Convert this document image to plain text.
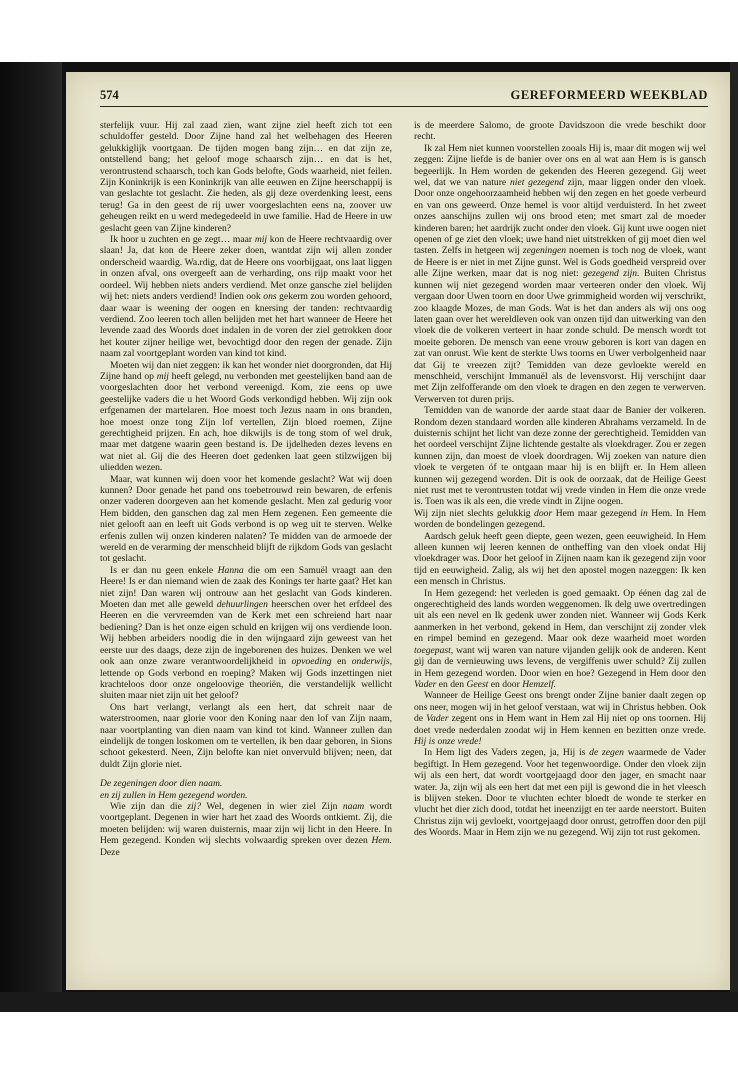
574	GEREFORMEERD WEEKBLAD

sterfelijk vuur. Hij zal zaad zien, want zijne ziel heeft zich tot een schuldoffer gesteld. Door Zijne hand zal het welbehagen des Heeren gelukkiglijk voortgaan. De tijden mogen bang zijn… en dat zijn ze, ontstellend bang; het geloof moge schaarsch zijn… en dat is het, verontrustend schaarsch, toch kan Gods belofte, Gods waarheid, niet feilen. Zijn Koninkrijk is een Koninkrijk van alle eeuwen en Zijne heerschappij is van geslachte tot geslacht. Zie heden, als gij deze overdenking leest, eens terug! Ga in den geest de rij uwer voorgeslachten eens na, zoover uw geheugen reikt en u werd medegedeeld in uwe familie. Had de Heere in uw geslacht geen van Zijne kinderen?

Ik hoor u zuchten en ge zegt… maar mij kon de Heere rechtvaardig over slaan! Ja, dat kon de Heere zeker doen, wantdat zijn wij allen zonder onderscheid waardig. Wa.rdig, dat de Heere ons voorbijgaat, ons laat liggen in onzen afval, ons overgeeft aan de verharding, ons rijp maakt voor het oordeel. Wij hebben niets anders verdiend. Met onze gansche ziel belijden wij het: niets anders verdiend! Indien ook ons gekerm zou worden gehoord, daar waar is weening der oogen en knersing der tanden: rechtvaardig verdiend. Zoo leeren toch allen belijden met het hart wanneer de Heere het levende zaad des Woords doet indalen in de voren der ziel getrokken door het kouter zijner heilige wet, bevochtigd door den regen der genade. Zijn naam zal voortgeplant worden van kind tot kind.

Moeten wij dan niet zeggen: ik kan het wonder niet doorgronden, dat Hij Zijne hand op mij heeft gelegd, nu verbonden met geestelijken band aan de voorgeslachten door het verbond vereenigd. Kom, zie eens op uwe geestelijke vaders die u het Woord Gods verkondigd hebben. Wij zijn ook erfgenamen der martelaren. Hoe moest toch Jezus naam in ons branden, hoe moest onze tong Zijn lof vertellen, Zijn bloed roemen, Zijne gerechtigheid prijzen. En ach, hoe dikwijls is de tong stom of wel druk, maar met datgene waarin geen bestand is. De ijdelheden dezes levens en wat niet al. Gij die des Heeren doet gedenken laat geen stilzwijgen bij uliedden wezen.

Maar, wat kunnen wij doen voor het komende geslacht? Wat wij doen kunnen? Door genade het pand ons toebetrouwd rein bewaren, de erfenis onzer vaderen doorgeven aan het komende geslacht. Men zal gedurig voor Hem bidden, den ganschen dag zal men Hem zegenen. Een gemeente die niet gelooft aan en leeft uit Gods verbond is op weg uit te sterven. Welke erfenis zullen wij onzen kinderen nalaten? Te midden van de armoede der wereld en de verarming der menschheid blijft de rijkdom Gods van geslacht tot geslacht.

Is er dan nu geen enkele Hanna die om een Samuël vraagt aan den Heere! Is er dan niemand wien de zaak des Konings ter harte gaat? Het kan niet zijn! Dan waren wij ontrouw aan het geslacht van Gods kinderen. Moeten dan met alle geweld dehuurlingen heerschen over het erfdeel des Heeren en die vervreemden van de Kerk met een schreiend hart naar bediening? Dan is het onze eigen schuld en krijgen wij ons verdiende loon. Wij hebben arbeiders noodig die in den wijngaard zijn geweest van het eerste uur des daags, deze zijn de ingeborenen des huizes. Denken we wel ook aan onze zware verantwoordelijkheid in opvoeding en onderwijs, lettende op Gods verbond en roeping? Maken wij Gods inzettingen niet krachteloos door onze ongeloovige theoriën, die verstandelijk wellicht sluiten maar niet zijn uit het geloof?

Ons hart verlangt, verlangt als een hert, dat schreit naar de waterstroomen, naar glorie voor den Koning naar den lof van Zijn naam, naar voortplanting van dien naam van kind tot kind. Wanneer zullen dan eindelijk de tongen loskomen om te vertellen, ik ben daar geboren, in Sions schoot gekesterd. Neen, Zijn belofte kan niet onvervuld blijven; neen, dat duldt Zijn glorie niet.

De zegeningen door dien naam.

en zij zullen in Hem gezegend worden.

Wie zijn dan die zij? Wel, degenen in wier ziel Zijn naam wordt voortgeplant. Degenen in wier hart het zaad des Woords ontkiemt. Zij, die moeten belijden: wij waren duisternis, maar zijn wij licht in den Heere. In Hem gezegend. Konden wij slechts volwaardig spreken over dezen Hem. Deze

is de meerdere Salomo, de groote Davidszoon die vrede beschikt door recht.

Ik zal Hem niet kunnen voorstellen zooals Hij is, maar dit mogen wij wel zeggen: Zijne liefde is de banier over ons en al wat aan Hem is is gansch begeerlijk. In Hem worden de gekenden des Heeren gezegend. Gij weet wel, dat we van nature niet gezegend zijn, maar liggen onder den vloek. Door onze ongehoorzaamheid hebben wij den zegen en het goede verbeurd en van ons geweerd. Onze hemel is voor altijd verduisterd. In het zweet onzes aanschijns zullen wij ons brood eten; met smart zal de moeder kinderen baren; het aardrijk zucht onder den vloek. Gij kunt uwe oogen niet openen of ge ziet den vloek; uwe hand niet uitstrekken of gij moet dien wel tasten. Zelfs in hetgeen wij zegeningen noemen is toch nog de vloek, want de Heere is er niet in met Zijne gunst. Wel is Gods goedheid verspreid over alle Zijne werken, maar dat is nog niet: gezegend zijn. Buiten Christus kunnen wij niet gezegend worden maar verteeren onder den vloek. Wij vergaan door Uwen toorn en door Uwe grimmigheid worden wij verschrikt, zoo klaagde Mozes, de man Gods. Wat is het dan anders als wij ons oog laten gaan over het wereldleven ook van onzen tijd dan uitwerking van den vloek die de volkeren verteert in haar zonde schuld. De mensch wordt tot moeite geboren. De mensch van eene vrouw geboren is kort van dagen en zat van onrust. Wie kent de sterkte Uws toorns en Uwer verbolgenheid naar dat Gij te vreezen zijt? Temidden van deze gevloekte wereld en menschheid, verschijnt Immanuël als de levensvorst. Hij verschijnt daar met Zijn zelfofferande om den vloek te dragen en den zegen te verwerven. Verwerven tot duren prijs.

Temidden van de wanorde der aarde staat daar de Banier der volkeren. Rondom dezen standaard worden alle kinderen Abrahams verzameld. In de duisternis schijnt het licht van deze zonne der gerechtigheid. Temidden van het oordeel verschijnt Zijne lichtende gestalte als vloekdrager. Zou er zegen kunnen zijn, dan moest de vloek doordragen. Wij zoeken van nature dien vloek te vergeten óf te ontgaan maar hij is en blijft er. In Hem alleen kunnen wij gezegend worden. Dit is ook de oorzaak, dat de Heilige Geest niet rust met te verontrusten totdat wij vrede vinden in Hem die onze vrede is. Toen was ik als een, die vrede vindt in Zijne oogen.

Wij zijn niet slechts gelukkig door Hem maar gezegend in Hem. In Hem worden de bondelingen gezegend.

Aardsch geluk heeft geen diepte, geen wezen, geen eeuwigheid. In Hem alleen kunnen wij leeren kennen de ontheffing van den vloek ondat Hij vloekdrager was. Door het geloof in Zijnen naam kan ik gezegend zijn voor tijd en eeuwigheid. Zalig, als wij het den apostel mogen nazeggen: Ik ken een mensch in Christus.

In Hem gezegend: het verleden is goed gemaakt. Op éénen dag zal de ongerechtigheid des lands worden weggenomen. Ik delg uwe overtredingen uit als een nevel en Ik gedenk uwer zonden niet. Wanneer wij Gods Kerk aanmerken in het verbond, gekend in Hem, dan verschijnt zij zonder vlek en rimpel bemind en gezegend. Maar ook deze waarheid moet worden toegepast, want wij waren van nature vijanden gelijk ook de anderen. Kent gij dan de vernieuwing uws levens, de vergiffenis uwer schuld? Zij zullen in Hem gezegend worden. Door wien en hoe? Gezegend in Hem door den Vader en den Geest en door Hemzelf.

Wanneer de Heilige Geest ons brengt onder Zijne banier daalt zegen op ons neer, mogen wij in het geloof verstaan, wat wij in Christus hebben. Ook de Vader zegent ons in Hem want in Hem zal Hij niet op ons toornen. Hij doet vrede nederdalen zoodat wij in Hem kennen en bezitten onze vrede. Hij is onze vrede!

In Hem ligt des Vaders zegen, ja, Hij is de zegen waarmede de Vader begiftigt. In Hem gezegend. Voor het tegenwoordige. Onder den vloek zijn wij als een hert, dat wordt voortgejaagd door den jager, en smacht naar water. Ja, zijn wij als een hert dat met een pijl is gewond die in het vleesch is blijven steken. Door te vluchten echter bloedt de wonde te sterker en vlucht het dier zich dood, totdat het ineenzijgt en ter aarde neerstort. Buiten Christus zijn wij gevloekt, voortgejaagd door onrust, getroffen door den pijl des Woords. Maar in Hem zijn we nu gezegend. Wij zijn tot rust gekomen.
